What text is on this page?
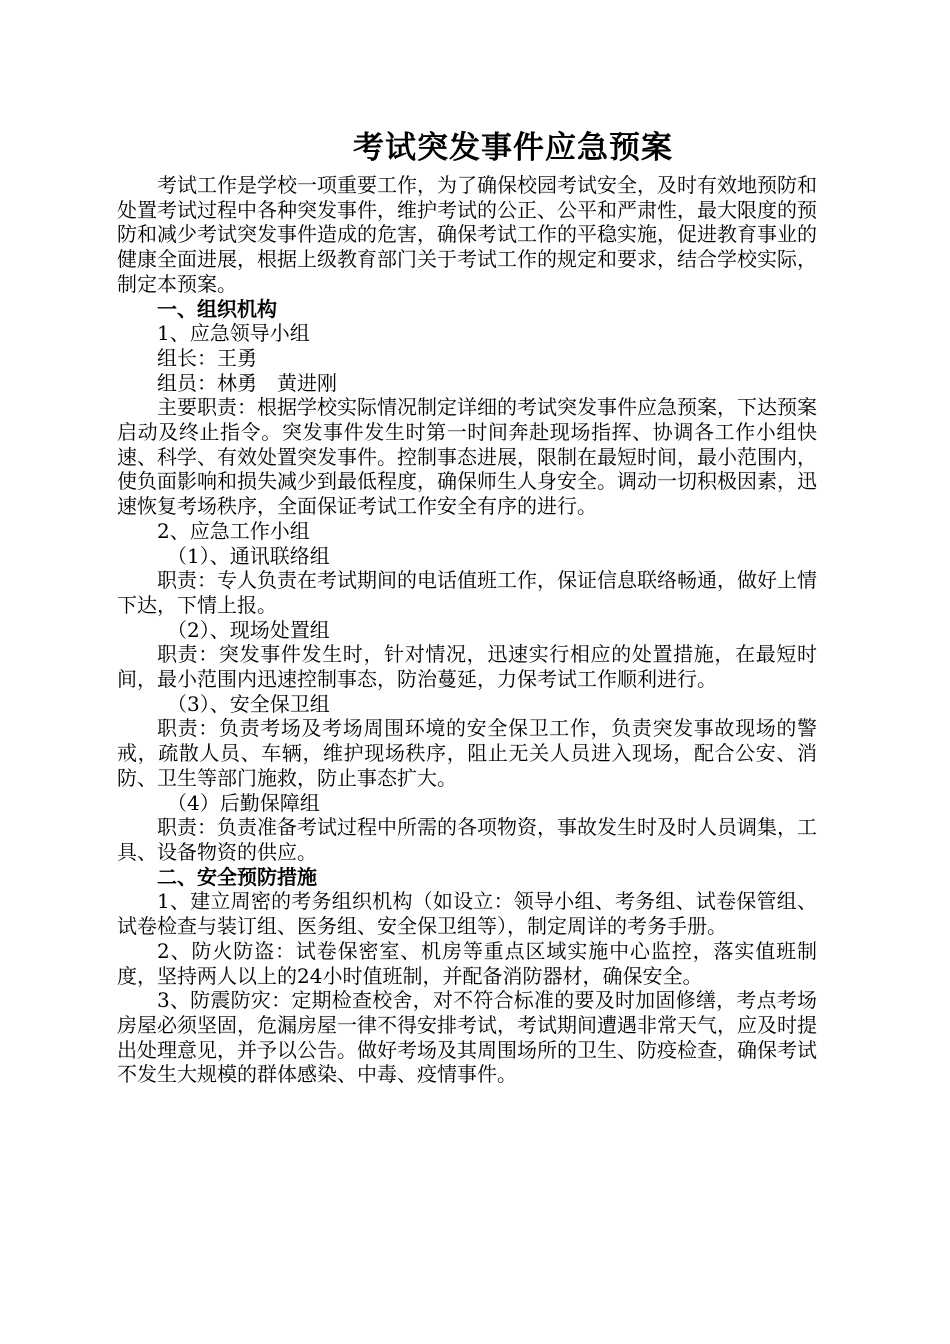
考试突发事件应急预案

考试工作是学校一项重要工作，为了确保校园考试安全，及时有效地预防和处置考试过程中各种突发事件，维护考试的公正、公平和严肃性，最大限度的预防和减少考试突发事件造成的危害，确保考试工作的平稳实施，促进教育事业的健康全面进展，根据上级教育部门关于考试工作的规定和要求，结合学校实际，制定本预案。

一、组织机构

1、应急领导小组

组长：王勇

组员：林勇　黄进刚

主要职责：根据学校实际情况制定详细的考试突发事件应急预案，下达预案启动及终止指令。突发事件发生时第一时间奔赴现场指挥、协调各工作小组快速、科学、有效处置突发事件。控制事态进展，限制在最短时间，最小范围内，使负面影响和损失减少到最低程度，确保师生人身安全。调动一切积极因素，迅速恢复考场秩序，全面保证考试工作安全有序的进行。

2、应急工作小组

（1）、通讯联络组

职责：专人负责在考试期间的电话值班工作，保证信息联络畅通，做好上情下达，下情上报。

（2）、现场处置组

职责：突发事件发生时，针对情况，迅速实行相应的处置措施，在最短时间，最小范围内迅速控制事态，防治蔓延，力保考试工作顺利进行。

（3）、安全保卫组

职责：负责考场及考场周围环境的安全保卫工作，负责突发事故现场的警戒，疏散人员、车辆，维护现场秩序，阻止无关人员进入现场，配合公安、消防、卫生等部门施救，防止事态扩大。

（4）后勤保障组

职责：负责准备考试过程中所需的各项物资，事故发生时及时人员调集，工具、设备物资的供应。

二、安全预防措施

1、建立周密的考务组织机构（如设立：领导小组、考务组、试卷保管组、试卷检查与装订组、医务组、安全保卫组等），制定周详的考务手册。

2、防火防盗：试卷保密室、机房等重点区域实施中心监控，落实值班制度，坚持两人以上的24小时值班制，并配备消防器材，确保安全。

3、防震防灾：定期检查校舍，对不符合标准的要及时加固修缮，考点考场房屋必须坚固，危漏房屋一律不得安排考试，考试期间遭遇非常天气，应及时提出处理意见，并予以公告。做好考场及其周围场所的卫生、防疫检查，确保考试不发生大规模的群体感染、中毒、疫情事件。
